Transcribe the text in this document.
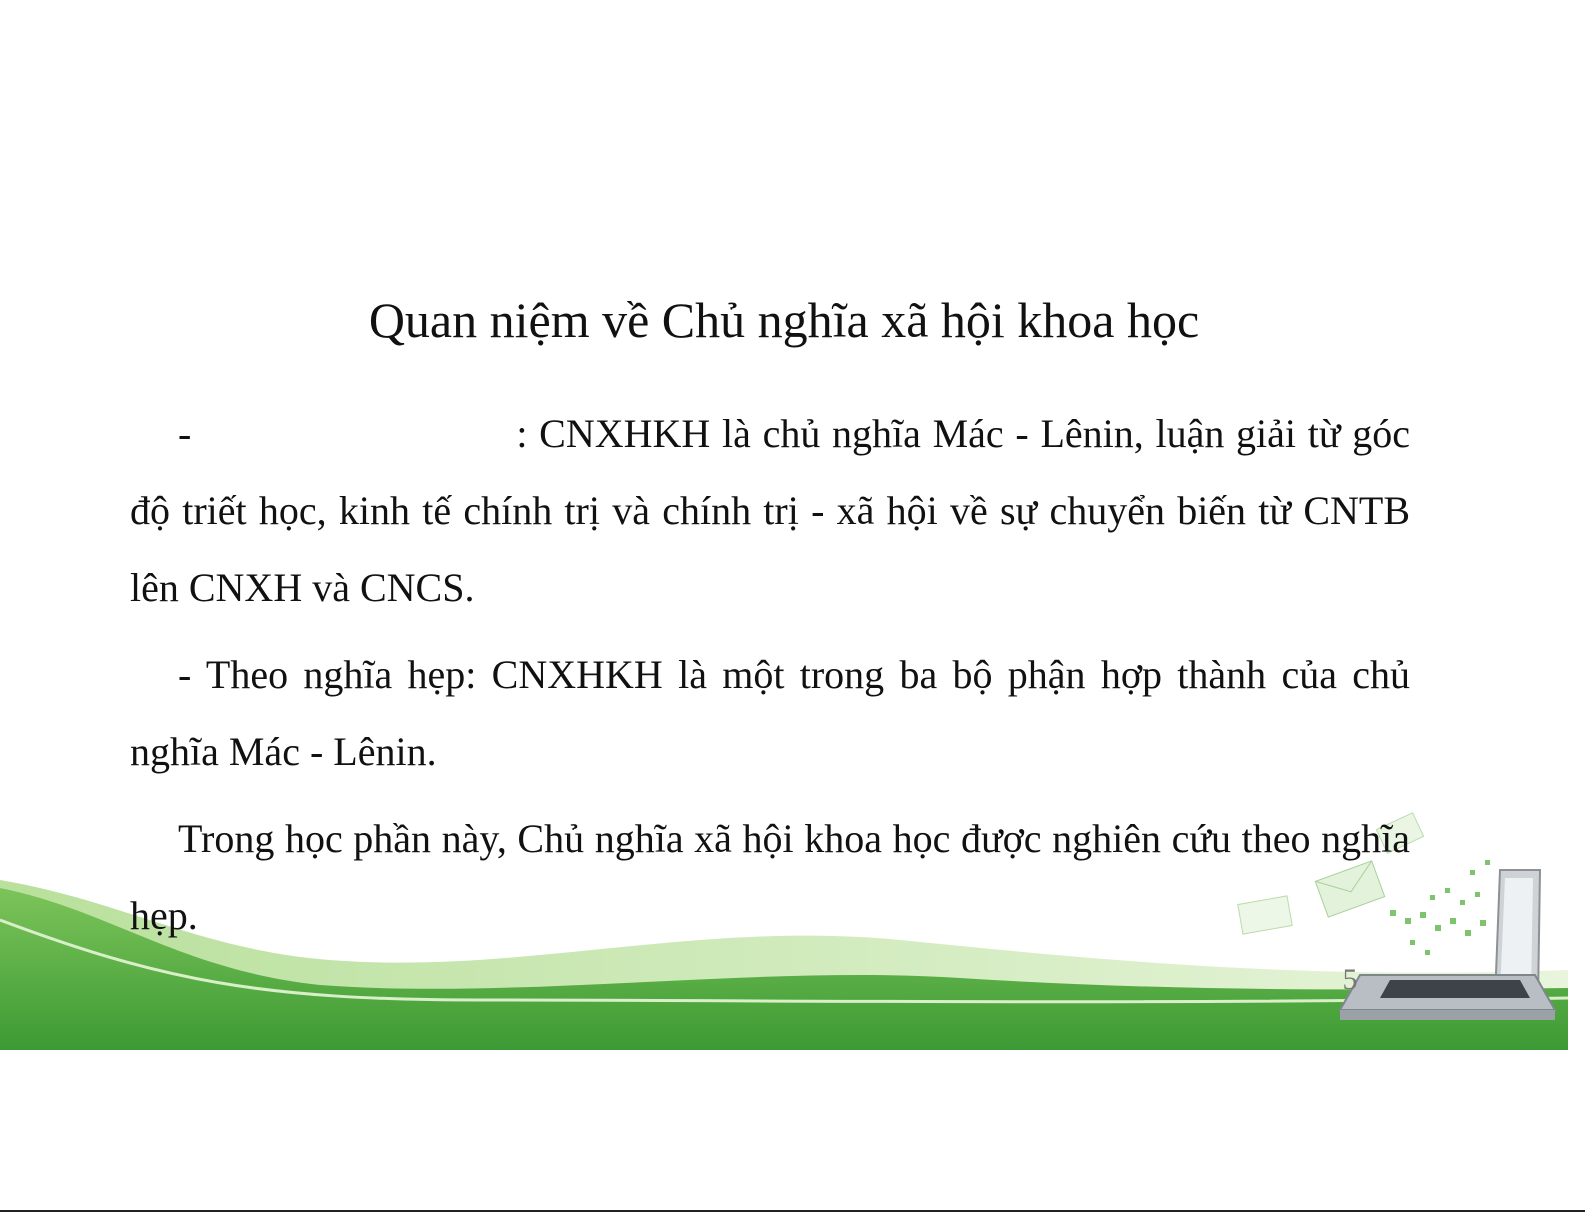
Quan niệm về Chủ nghĩa xã hội khoa học

-	: CNXHKH là chủ nghĩa Mác - Lênin, luận giải từ góc độ triết học, kinh tế chính trị và chính trị - xã hội về sự chuyển biến từ CNTB lên CNXH và CNCS.

- Theo nghĩa hẹp: CNXHKH là một trong ba bộ phận hợp thành của chủ nghĩa Mác - Lênin.

Trong học phần này, Chủ nghĩa xã hội khoa học được nghiên cứu theo nghĩa hẹp.

5
